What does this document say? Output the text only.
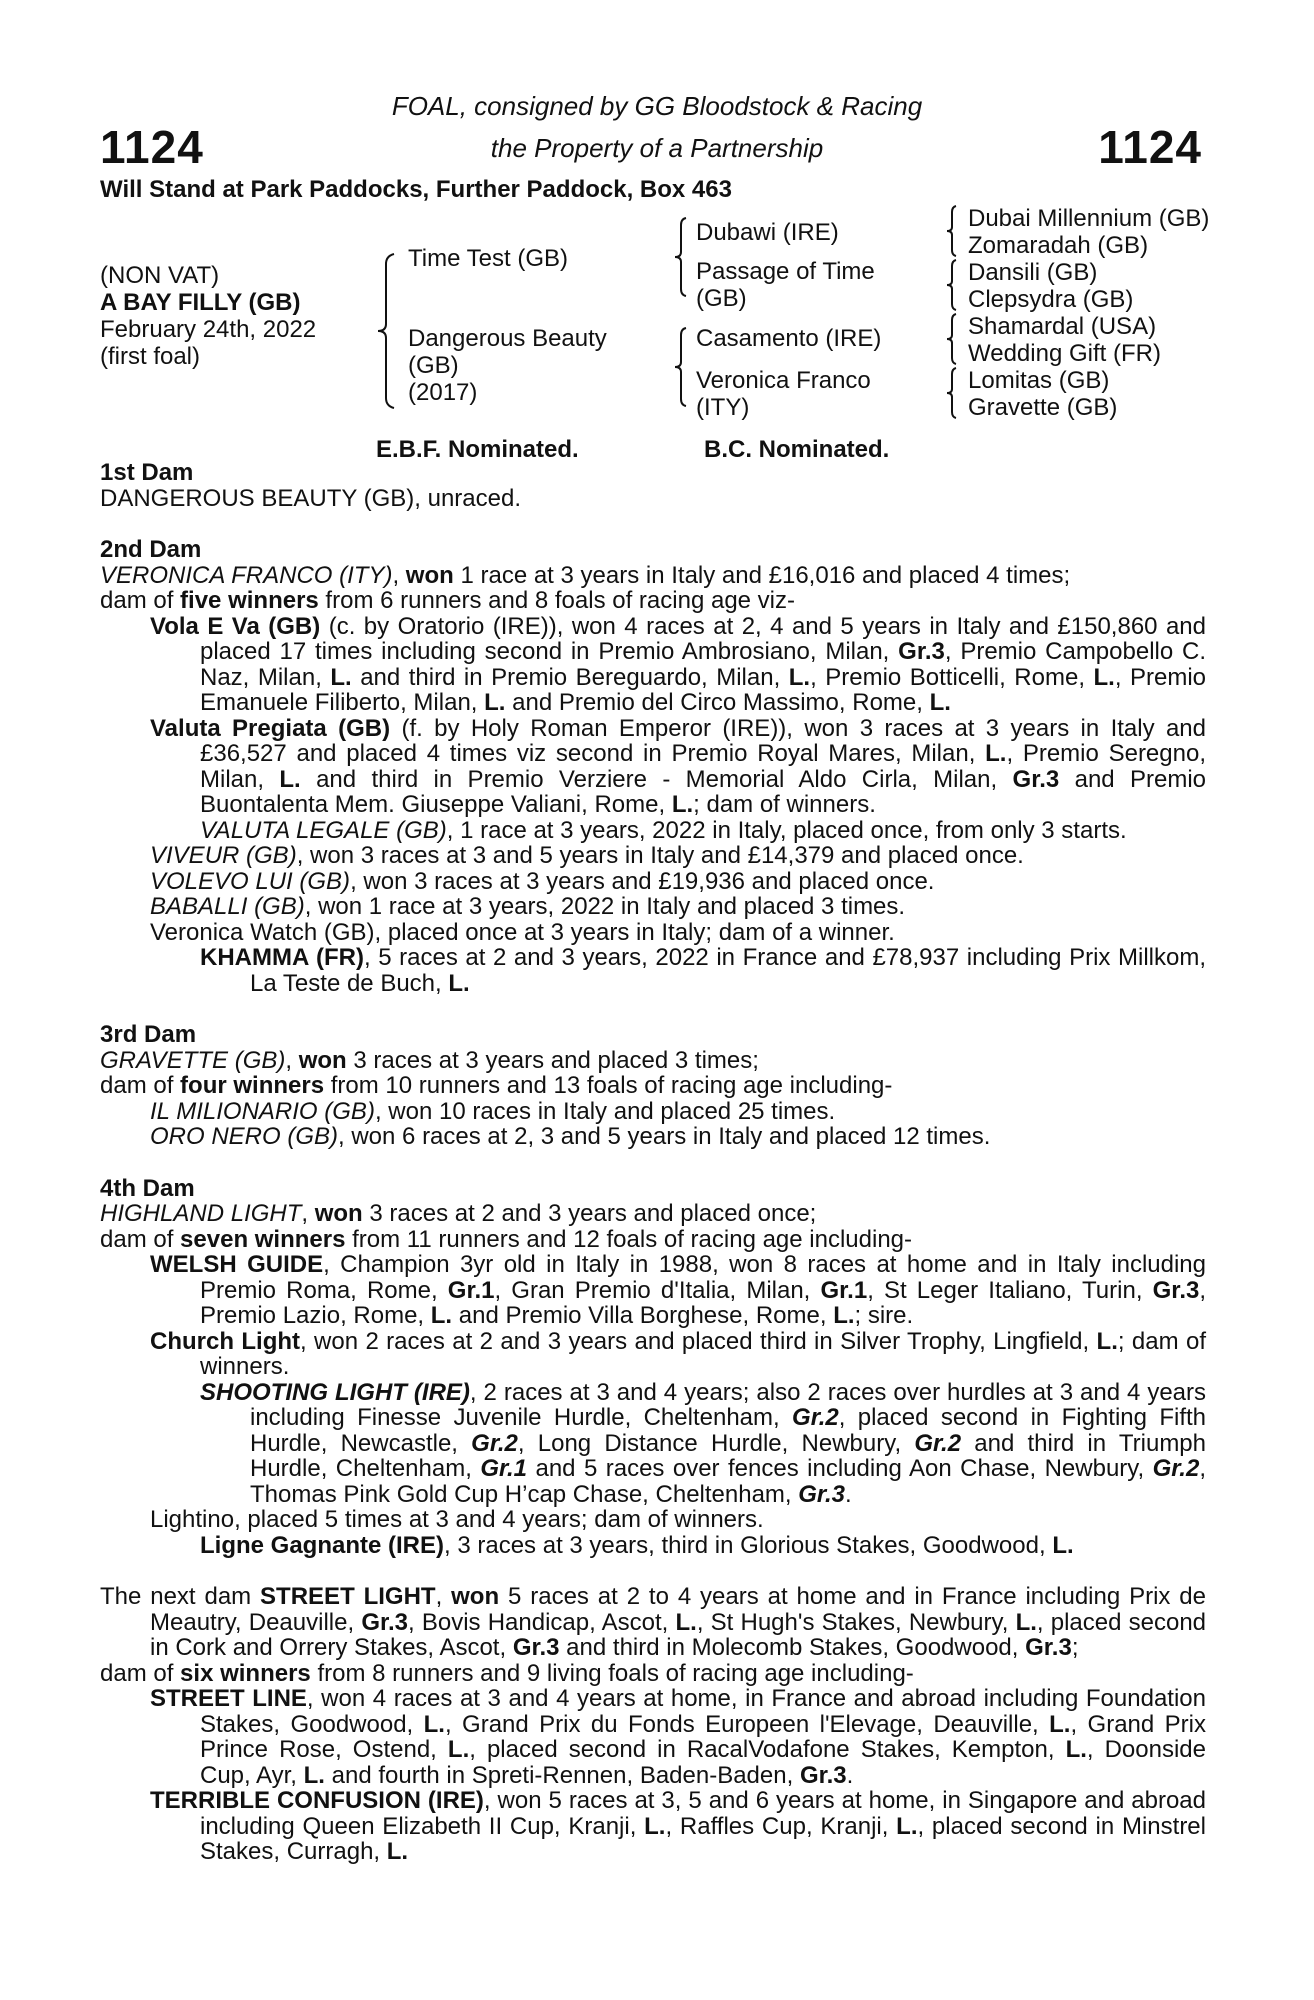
1124	1124
FOAL, consigned by GG Bloodstock & Racing
the Property of a Partnership
Will Stand at Park Paddocks, Further Paddock, Box 463
(NON VAT)
A BAY FILLY (GB)
February 24th, 2022
(first foal)
Time Test (GB)
Dangerous Beauty
(GB)
(2017)
Dubawi (IRE)
Passage of Time
(GB)
Casamento (IRE)
Veronica Franco
(ITY)
Dubai Millennium (GB)
Zomaradah (GB)
Dansili (GB)
Clepsydra (GB)
Shamardal (USA)
Wedding Gift (FR)
Lomitas (GB)
Gravette (GB)
E.B.F. Nominated.	B.C. Nominated.
1st Dam
DANGEROUS BEAUTY (GB), unraced.
2nd Dam
VERONICA FRANCO (ITY), won 1 race at 3 years in Italy and £16,016 and placed 4 times;
dam of five winners from 6 runners and 8 foals of racing age viz-

Vola E Va (GB) (c. by Oratorio (IRE)), won 4 races at 2, 4 and 5 years in Italy and £150,860 and placed 17 times including second in Premio Ambrosiano, Milan, Gr.3, Premio Campobello C. Naz, Milan, L. and third in Premio Bereguardo, Milan, L., Premio Botticelli, Rome, L., Premio Emanuele Filiberto, Milan, L. and Premio del Circo Massimo, Rome, L.

Valuta Pregiata (GB) (f. by Holy Roman Emperor (IRE)), won 3 races at 3 years in Italy and £36,527 and placed 4 times viz second in Premio Royal Mares, Milan, L., Premio Seregno, Milan, L. and third in Premio Verziere - Memorial Aldo Cirla, Milan, Gr.3 and Premio Buontalenta Mem. Giuseppe Valiani, Rome, L.; dam of winners.

VALUTA LEGALE (GB), 1 race at 3 years, 2022 in Italy, placed once, from only 3 starts.

VIVEUR (GB), won 3 races at 3 and 5 years in Italy and £14,379 and placed once.

VOLEVO LUI (GB), won 3 races at 3 years and £19,936 and placed once.

BABALLI (GB), won 1 race at 3 years, 2022 in Italy and placed 3 times.

Veronica Watch (GB), placed once at 3 years in Italy; dam of a winner.

KHAMMA (FR), 5 races at 2 and 3 years, 2022 in France and £78,937 including Prix Millkom, La Teste de Buch, L.

3rd Dam
GRAVETTE (GB), won 3 races at 3 years and placed 3 times;
dam of four winners from 10 runners and 13 foals of racing age including-

IL MILIONARIO (GB), won 10 races in Italy and placed 25 times.

ORO NERO (GB), won 6 races at 2, 3 and 5 years in Italy and placed 12 times.

4th Dam
HIGHLAND LIGHT, won 3 races at 2 and 3 years and placed once;
dam of seven winners from 11 runners and 12 foals of racing age including-

WELSH GUIDE, Champion 3yr old in Italy in 1988, won 8 races at home and in Italy including Premio Roma, Rome, Gr.1, Gran Premio d'Italia, Milan, Gr.1, St Leger Italiano, Turin, Gr.3, Premio Lazio, Rome, L. and Premio Villa Borghese, Rome, L.; sire.

Church Light, won 2 races at 2 and 3 years and placed third in Silver Trophy, Lingfield, L.; dam of winners.

SHOOTING LIGHT (IRE), 2 races at 3 and 4 years; also 2 races over hurdles at 3 and 4 years including Finesse Juvenile Hurdle, Cheltenham, Gr.2, placed second in Fighting Fifth Hurdle, Newcastle, Gr.2, Long Distance Hurdle, Newbury, Gr.2 and third in Triumph Hurdle, Cheltenham, Gr.1 and 5 races over fences including Aon Chase, Newbury, Gr.2, Thomas Pink Gold Cup H’cap Chase, Cheltenham, Gr.3.

Lightino, placed 5 times at 3 and 4 years; dam of winners.

Ligne Gagnante (IRE), 3 races at 3 years, third in Glorious Stakes, Goodwood, L.

The next dam STREET LIGHT, won 5 races at 2 to 4 years at home and in France including Prix de Meautry, Deauville, Gr.3, Bovis Handicap, Ascot, L., St Hugh's Stakes, Newbury, L., placed second in Cork and Orrery Stakes, Ascot, Gr.3 and third in Molecomb Stakes, Goodwood, Gr.3;

dam of six winners from 8 runners and 9 living foals of racing age including-

STREET LINE, won 4 races at 3 and 4 years at home, in France and abroad including Foundation Stakes, Goodwood, L., Grand Prix du Fonds Europeen l'Elevage, Deauville, L., Grand Prix Prince Rose, Ostend, L., placed second in RacalVodafone Stakes, Kempton, L., Doonside Cup, Ayr, L. and fourth in Spreti-Rennen, Baden-Baden, Gr.3.

TERRIBLE CONFUSION (IRE), won 5 races at 3, 5 and 6 years at home, in Singapore and abroad including Queen Elizabeth II Cup, Kranji, L., Raffles Cup, Kranji, L., placed second in Minstrel Stakes, Curragh, L.
